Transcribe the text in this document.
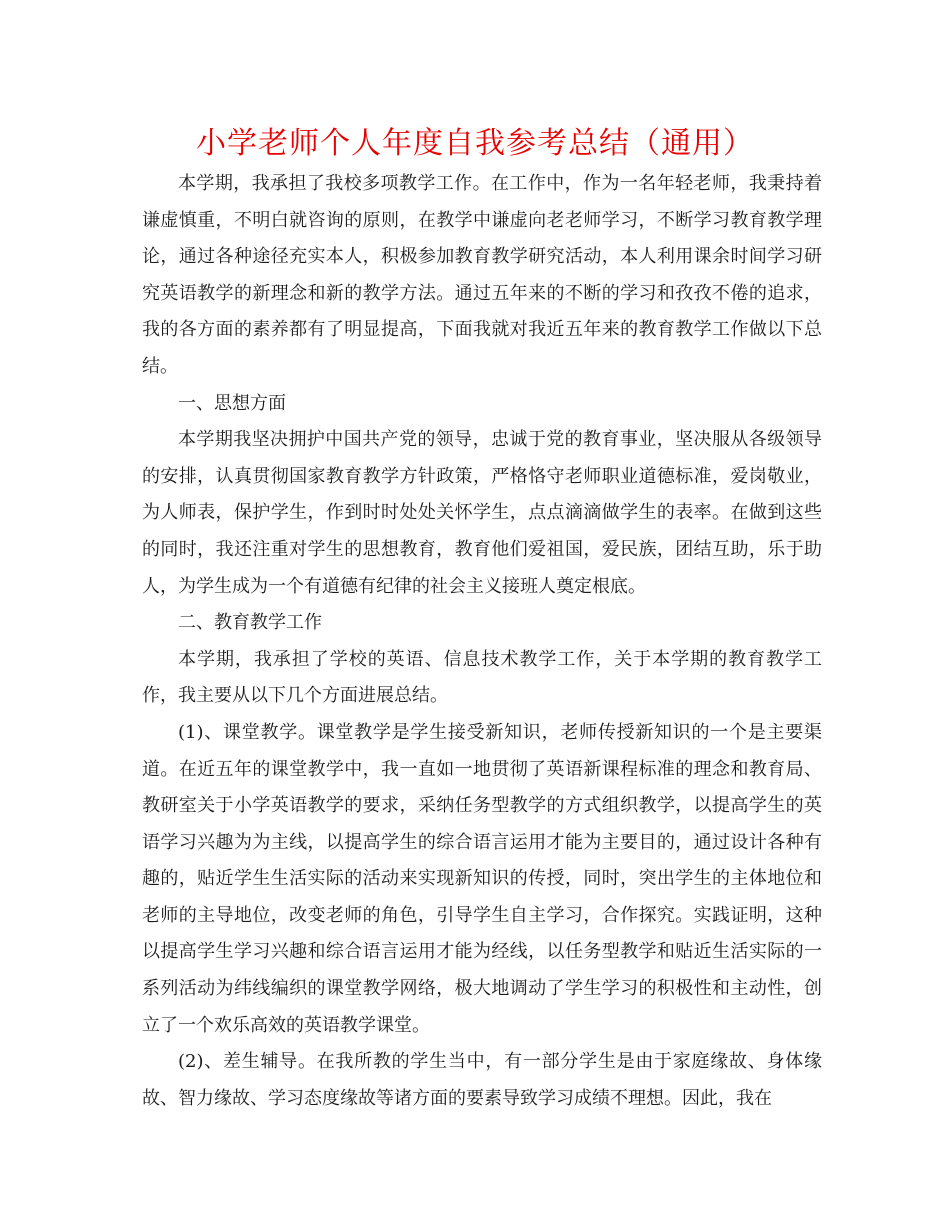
小学老师个人年度自我参考总结（通用）

本学期，我承担了我校多项教学工作。在工作中，作为一名年轻老师，我秉持着谦虚慎重，不明白就咨询的原则，在教学中谦虚向老老师学习，不断学习教育教学理论，通过各种途径充实本人，积极参加教育教学研究活动，本人利用课余时间学习研究英语教学的新理念和新的教学方法。通过五年来的不断的学习和孜孜不倦的追求，我的各方面的素养都有了明显提高，下面我就对我近五年来的教育教学工作做以下总结。

一、思想方面

本学期我坚决拥护中国共产党的领导，忠诚于党的教育事业，坚决服从各级领导的安排，认真贯彻国家教育教学方针政策，严格恪守老师职业道德标准，爱岗敬业，为人师表，保护学生，作到时时处处关怀学生，点点滴滴做学生的表率。在做到这些的同时，我还注重对学生的思想教育，教育他们爱祖国，爱民族，团结互助，乐于助人，为学生成为一个有道德有纪律的社会主义接班人奠定根底。

二、教育教学工作

本学期，我承担了学校的英语、信息技术教学工作，关于本学期的教育教学工作，我主要从以下几个方面进展总结。

(1)、课堂教学。课堂教学是学生接受新知识，老师传授新知识的一个是主要渠道。在近五年的课堂教学中，我一直如一地贯彻了英语新课程标准的理念和教育局、教研室关于小学英语教学的要求，采纳任务型教学的方式组织教学，以提高学生的英语学习兴趣为为主线，以提高学生的综合语言运用才能为主要目的，通过设计各种有趣的，贴近学生生活实际的活动来实现新知识的传授，同时，突出学生的主体地位和老师的主导地位，改变老师的角色，引导学生自主学习，合作探究。实践证明，这种以提高学生学习兴趣和综合语言运用才能为经线，以任务型教学和贴近生活实际的一系列活动为纬线编织的课堂教学网络，极大地调动了学生学习的积极性和主动性，创立了一个欢乐高效的英语教学课堂。

(2)、差生辅导。在我所教的学生当中，有一部分学生是由于家庭缘故、身体缘故、智力缘故、学习态度缘故等诸方面的要素导致学习成绩不理想。因此，我在
